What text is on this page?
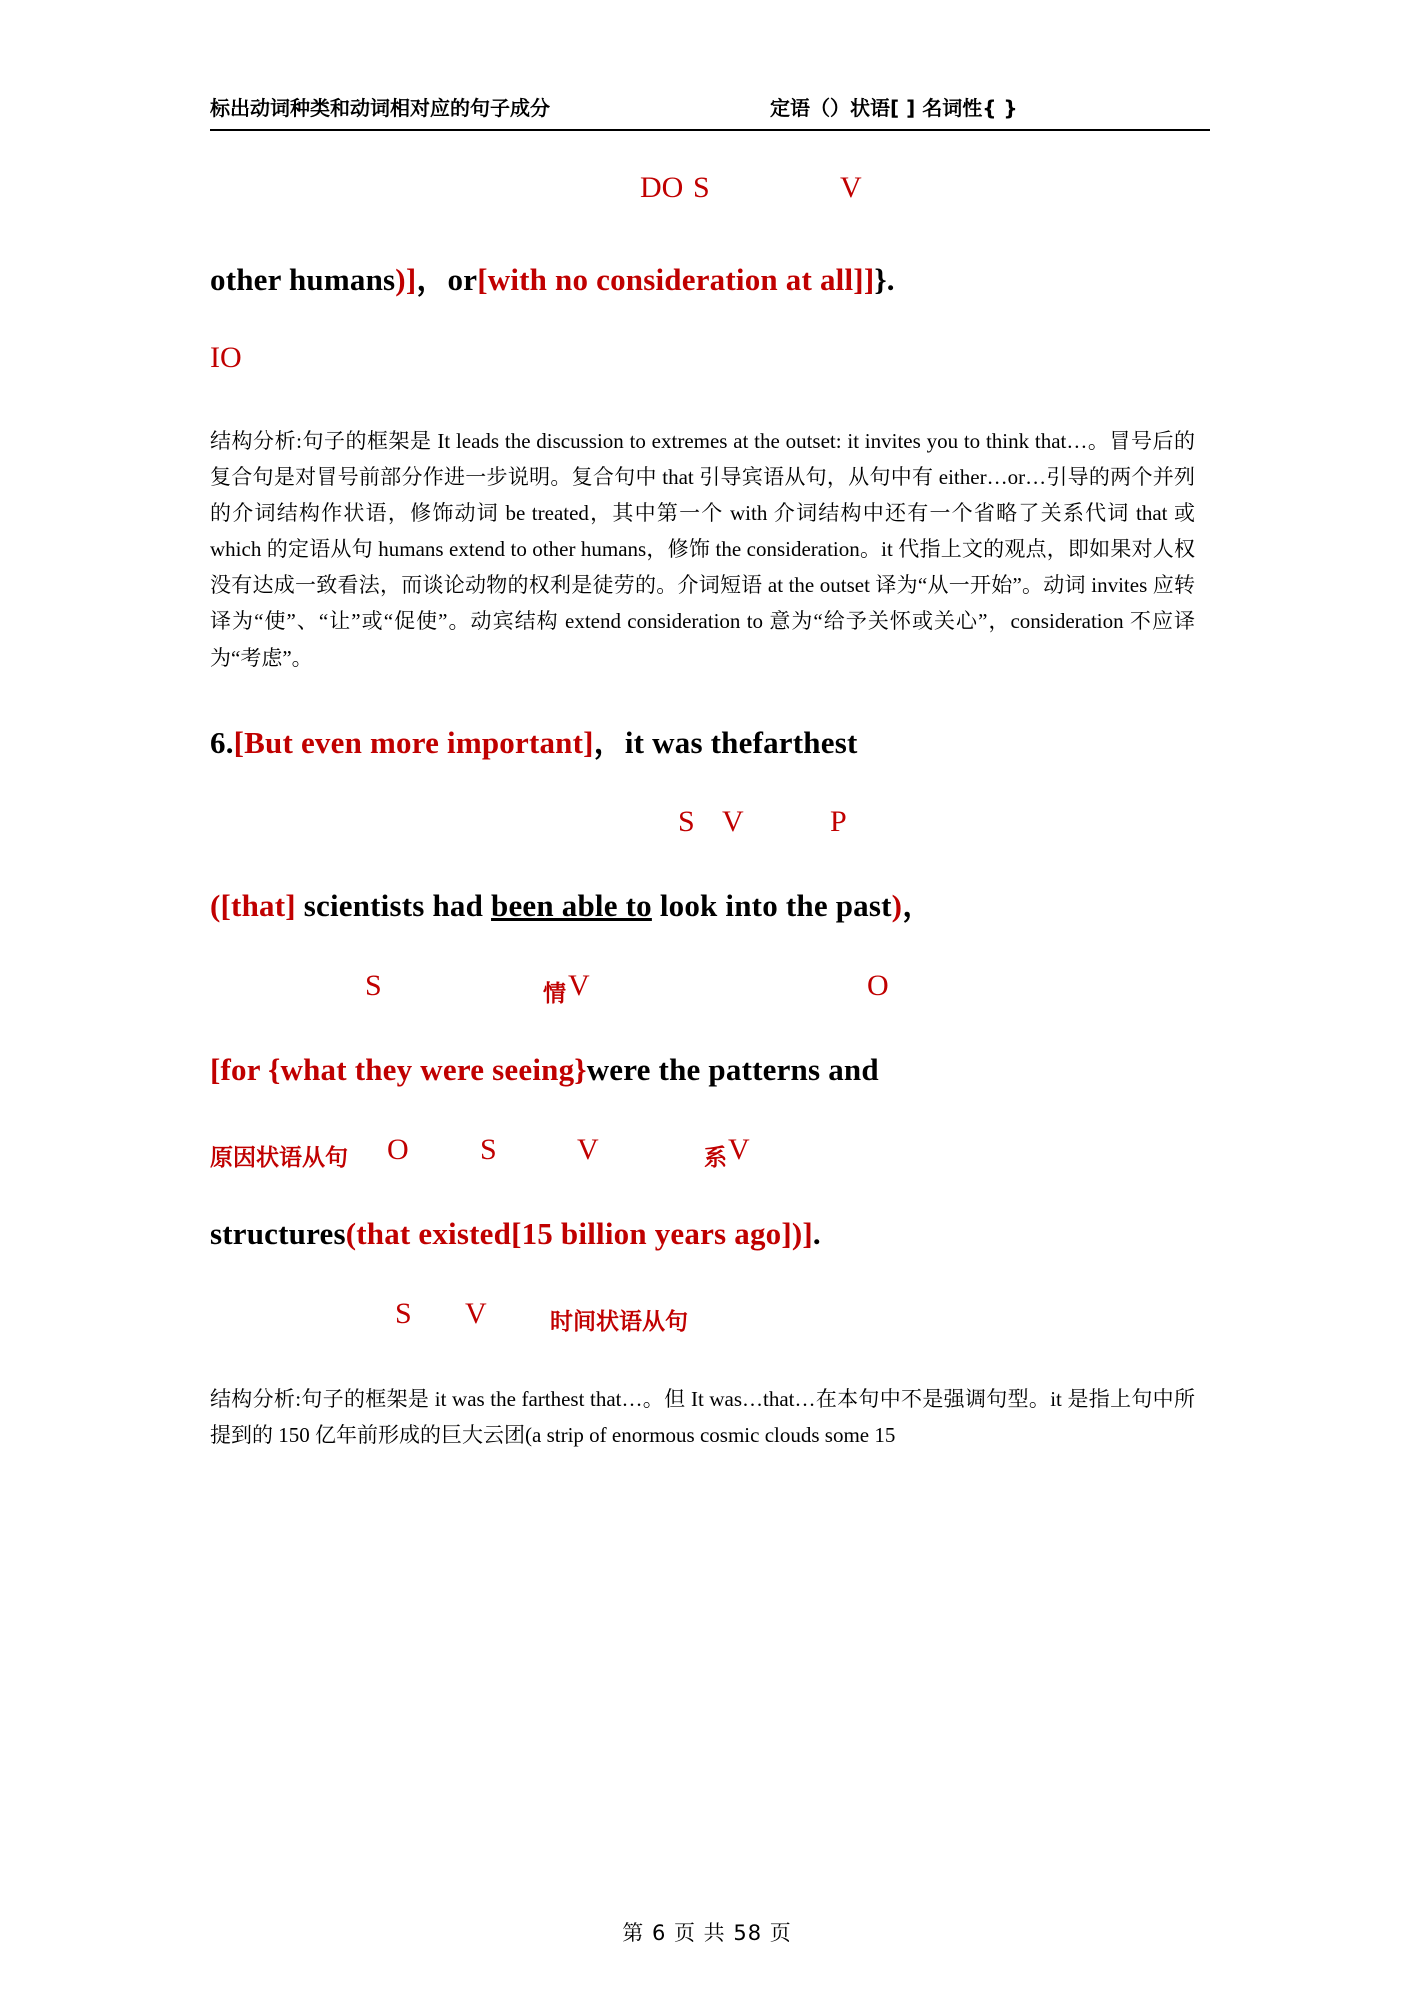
标出动词种类和动词相对应的句子成分	定语（）状语[ ] 名词性{ }
DO S	V
other humans)]，or[with no consideration at all]]}.
IO
结构分析:句子的框架是 It leads the discussion to extremes at the outset: it invites you to think that…。冒号后的复合句是对冒号前部分作进一步说明。复合句中 that 引导宾语从句，从句中有 either…or…引导的两个并列的介词结构作状语，修饰动词 be treated，其中第一个 with 介词结构中还有一个省略了关系代词 that 或 which 的定语从句 humans extend to other humans，修饰 the consideration。it 代指上文的观点，即如果对人权没有达成一致看法，而谈论动物的权利是徒劳的。介词短语 at the outset 译为“从一开始”。动词 invites 应转译为“使”、“让”或“促使”。动宾结构 extend consideration to 意为“给予关怀或关心”，consideration 不应译为“考虑”。
6.[But even more important]，it was thefarthest
S V	P
([that] scientists had been able to look into the past)，
S	情 V	O
[for {what they were seeing}were the patterns and
原因状语从句 O S	V	系 V
structures(that existed[15 billion years ago])].
S V	时间状语从句
结构分析:句子的框架是 it was the farthest that…。但 It was…that…在本句中不是强调句型。it 是指上句中所提到的 150 亿年前形成的巨大云团(a strip of enormous cosmic clouds some 15
第 6 页 共 58 页
